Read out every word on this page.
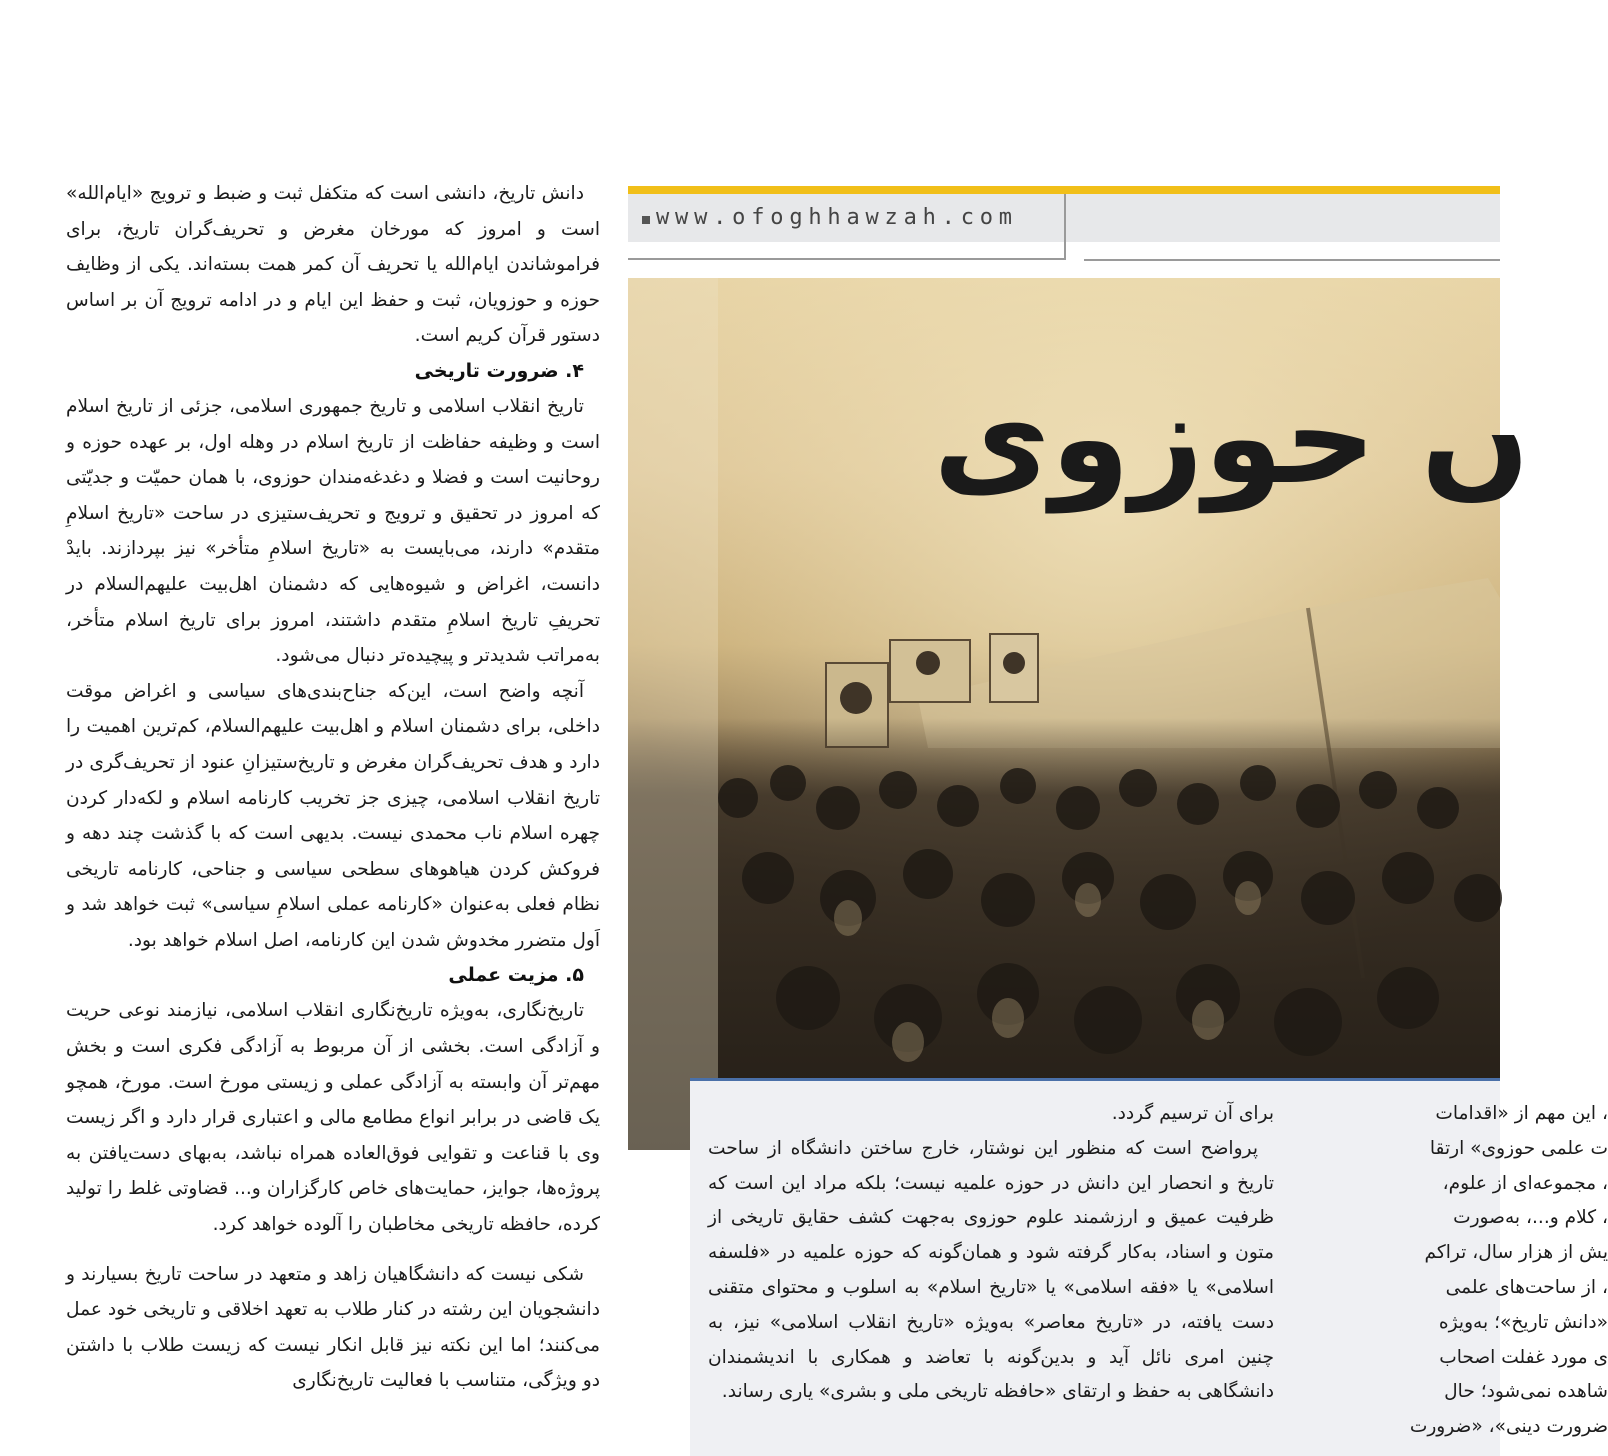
دانش تاریخ، دانشی است که متکفل ثبت و ضبط و ترویج «ایام‌الله» است و امروز که مورخان مغرض و تحریف‌گران تاریخ، برای فراموشاندن ایام‌الله یا تحریف آن کمر همت بسته‌اند. یکی از وظایف حوزه و حوزویان، ثبت و حفظ این ایام و در ادامه ترویج آن بر اساس دستور قرآن کریم است.

۴. ضرورت تاریخی

تاریخ انقلاب اسلامی و تاریخ جمهوری اسلامی، جزئی از تاریخ اسلام است و وظیفه حفاظت از تاریخ اسلام در وهله اول، بر عهده حوزه و روحانیت است و فضلا و دغدغه‌مندان حوزوی، با همان حمیّت و جدیّتی که امروز در تحقیق و ترویج و تحریف‌ستیزی در ساحت «تاریخ اسلامِ متقدم» دارند، می‌بایست به «تاریخ اسلامِ متأخر» نیز بپردازند. بایدْ دانست، اغراض و شیوه‌هایی که دشمنان اهل‌بیت علیهم‌السلام در تحریفِ تاریخ اسلامِ متقدم داشتند، امروز برای تاریخ اسلام متأخر، به‌مراتب شدیدتر و پیچیده‌تر دنبال می‌شود.

آنچه واضح است، این‌که جناح‌بندی‌های سیاسی و اغراض موقت داخلی، برای دشمنان اسلام و اهل‌بیت علیهم‌السلام، کم‌ترین اهمیت را دارد و هدف تحریف‌گران مغرض و تاریخ‌ستیزانِ عنود از تحریف‌گری در تاریخ انقلاب اسلامی، چیزی جز تخریب کارنامه اسلام و لکه‌دار کردن چهره اسلام ناب محمدی نیست. بدیهی است که با گذشت چند دهه و فروکش کردن هیاهوهای سطحی سیاسی و جناحی، کارنامه تاریخی نظام فعلی به‌عنوان «کارنامه عملی اسلامِ سیاسی» ثبت خواهد شد و اَول متضرر مخدوش شدن این کارنامه، اصل اسلام خواهد بود.

۵. مزیت عملی

تاریخ‌نگاری، به‌ویژه تاریخ‌نگاری انقلاب اسلامی، نیازمند نوعی حریت و آزادگی است. بخشی از آن مربوط به آزادگی فکری است و بخش مهم‌تر آن وابسته به آزادگی عملی و زیستی مورخ است. مورخ، همچو یک قاضی در برابر انواع مطامع مالی و اعتباری قرار دارد و اگر زیست وی با قناعت و تقوایی فوق‌العاده همراه نباشد، به‌بهای دست‌یافتن به پروژه‌ها، جوایز، حمایت‌های خاص کارگزاران و... قضاوتی غلط را تولید کرده، حافظه تاریخی مخاطبان را آلوده خواهد کرد.

شکی نیست که دانشگاهیان زاهد و متعهد در ساحت تاریخ بسیارند و دانشجویان این رشته در کنار طلاب به تعهد اخلاقی و تاریخی خود عمل می‌کنند؛ اما این نکته نیز قابل انکار نیست که زیست طلاب با داشتن دو ویژگی، متناسب با فعالیت تاریخ‌نگاری

www.ofoghhawzah.com
ں حوزوی

برای آن ترسیم گردد.

پرواضح است که منظور این نوشتار، خارج ساختن دانشگاه از ساحت تاریخ و انحصار این دانش در حوزه علمیه نیست؛ بلکه مراد این است که ظرفیت عمیق و ارزشمند علوم حوزوی به‌جهت کشف حقایق تاریخی از متون و اسناد، به‌کار گرفته شود و همان‌گونه که حوزه علمیه در «فلسفه اسلامی» یا «فقه اسلامی» یا «تاریخ اسلام» به اسلوب و محتوای متقنی دست یافته، در «تاریخ معاصر» به‌ویژه «تاریخ انقلاب اسلامی» نیز، به چنین امری نائل آید و بدین‌گونه با تعاضد و همکاری با اندیشمندان دانشگاهی به حفظ و ارتقای «حافظه تاریخی ملی و بشری» یاری رساند.

، این مهم از «اقدامات
ت علمی حوزوی» ارتقا
، مجموعه‌ای از علوم،
، کلام و...، به‌صورت
یش از هزار سال، تراکم
، از ساحت‌های علمی
«دانش تاریخ»؛ به‌ویژه
ی مورد غفلت اصحاب
شاهده نمی‌شود؛ حال
ضرورت دینی»، «ضرورت
